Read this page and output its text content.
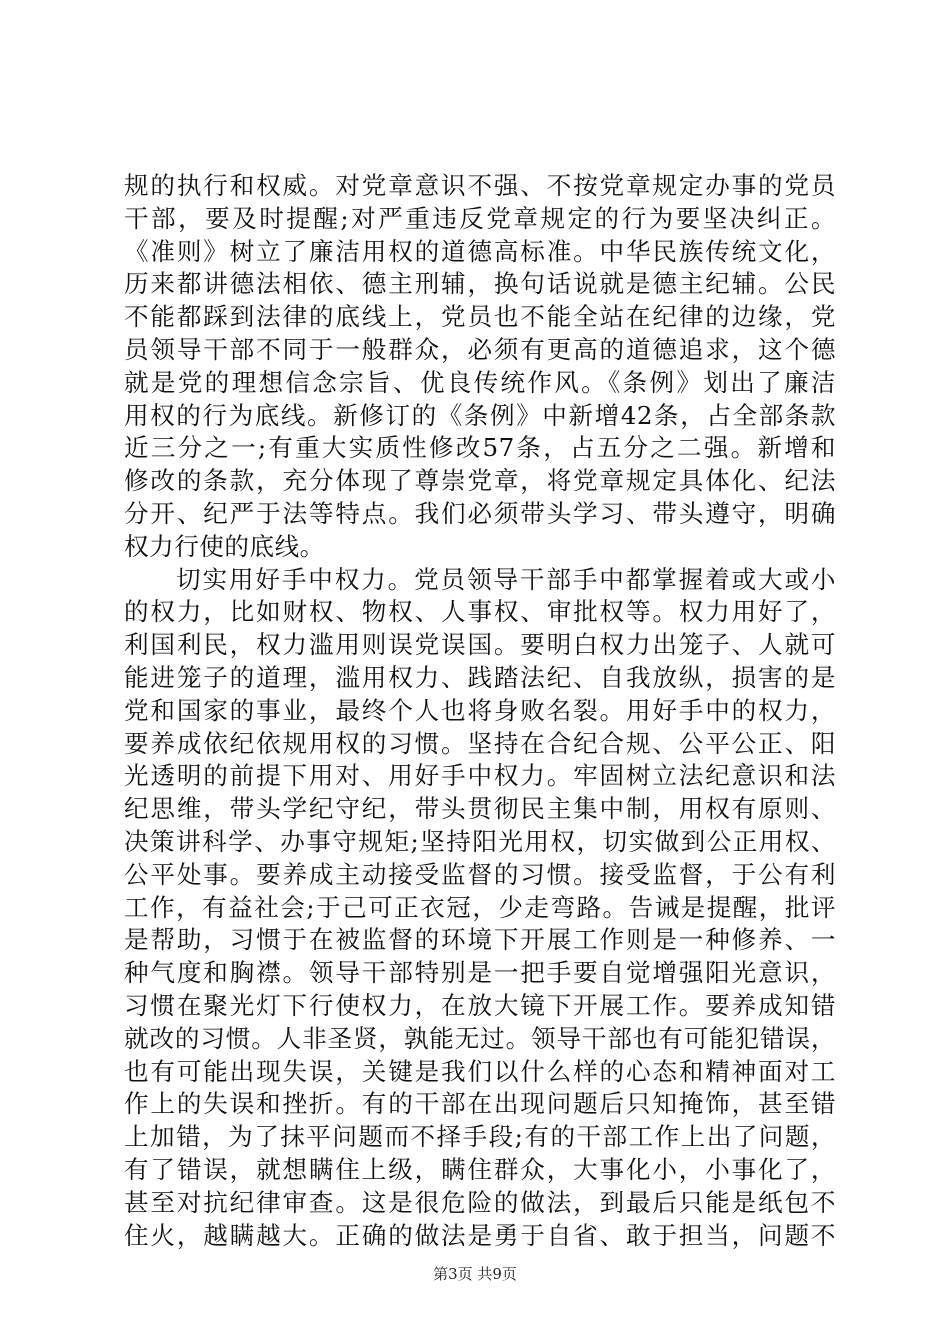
规的执行和权威。对党章意识不强、不按党章规定办事的党员
干部，要及时提醒;对严重违反党章规定的行为要坚决纠正。
《准则》树立了廉洁用权的道德高标准。中华民族传统文化，
历来都讲德法相依、德主刑辅，换句话说就是德主纪辅。公民
不能都踩到法律的底线上，党员也不能全站在纪律的边缘，党
员领导干部不同于一般群众，必须有更高的道德追求，这个德
就是党的理想信念宗旨、优良传统作风。《条例》划出了廉洁
用权的行为底线。新修订的《条例》中新增42条，占全部条款
近三分之一;有重大实质性修改57条，占五分之二强。新增和
修改的条款，充分体现了尊崇党章，将党章规定具体化、纪法
分开、纪严于法等特点。我们必须带头学习、带头遵守，明确
权力行使的底线。
切实用好手中权力。党员领导干部手中都掌握着或大或小
的权力，比如财权、物权、人事权、审批权等。权力用好了，
利国利民，权力滥用则误党误国。要明白权力出笼子、人就可
能进笼子的道理，滥用权力、践踏法纪、自我放纵，损害的是
党和国家的事业，最终个人也将身败名裂。用好手中的权力，
要养成依纪依规用权的习惯。坚持在合纪合规、公平公正、阳
光透明的前提下用对、用好手中权力。牢固树立法纪意识和法
纪思维，带头学纪守纪，带头贯彻民主集中制，用权有原则、
决策讲科学、办事守规矩;坚持阳光用权，切实做到公正用权、
公平处事。要养成主动接受监督的习惯。接受监督，于公有利
工作，有益社会;于己可正衣冠，少走弯路。告诫是提醒，批评
是帮助，习惯于在被监督的环境下开展工作则是一种修养、一
种气度和胸襟。领导干部特别是一把手要自觉增强阳光意识，
习惯在聚光灯下行使权力，在放大镜下开展工作。要养成知错
就改的习惯。人非圣贤，孰能无过。领导干部也有可能犯错误，
也有可能出现失误，关键是我们以什么样的心态和精神面对工
作上的失误和挫折。有的干部在出现问题后只知掩饰，甚至错
上加错，为了抹平问题而不择手段;有的干部工作上出了问题，
有了错误，就想瞒住上级，瞒住群众，大事化小，小事化了，
甚至对抗纪律审查。这是很危险的做法，到最后只能是纸包不
住火，越瞒越大。正确的做法是勇于自省、敢于担当，问题不
第3页 共9页
